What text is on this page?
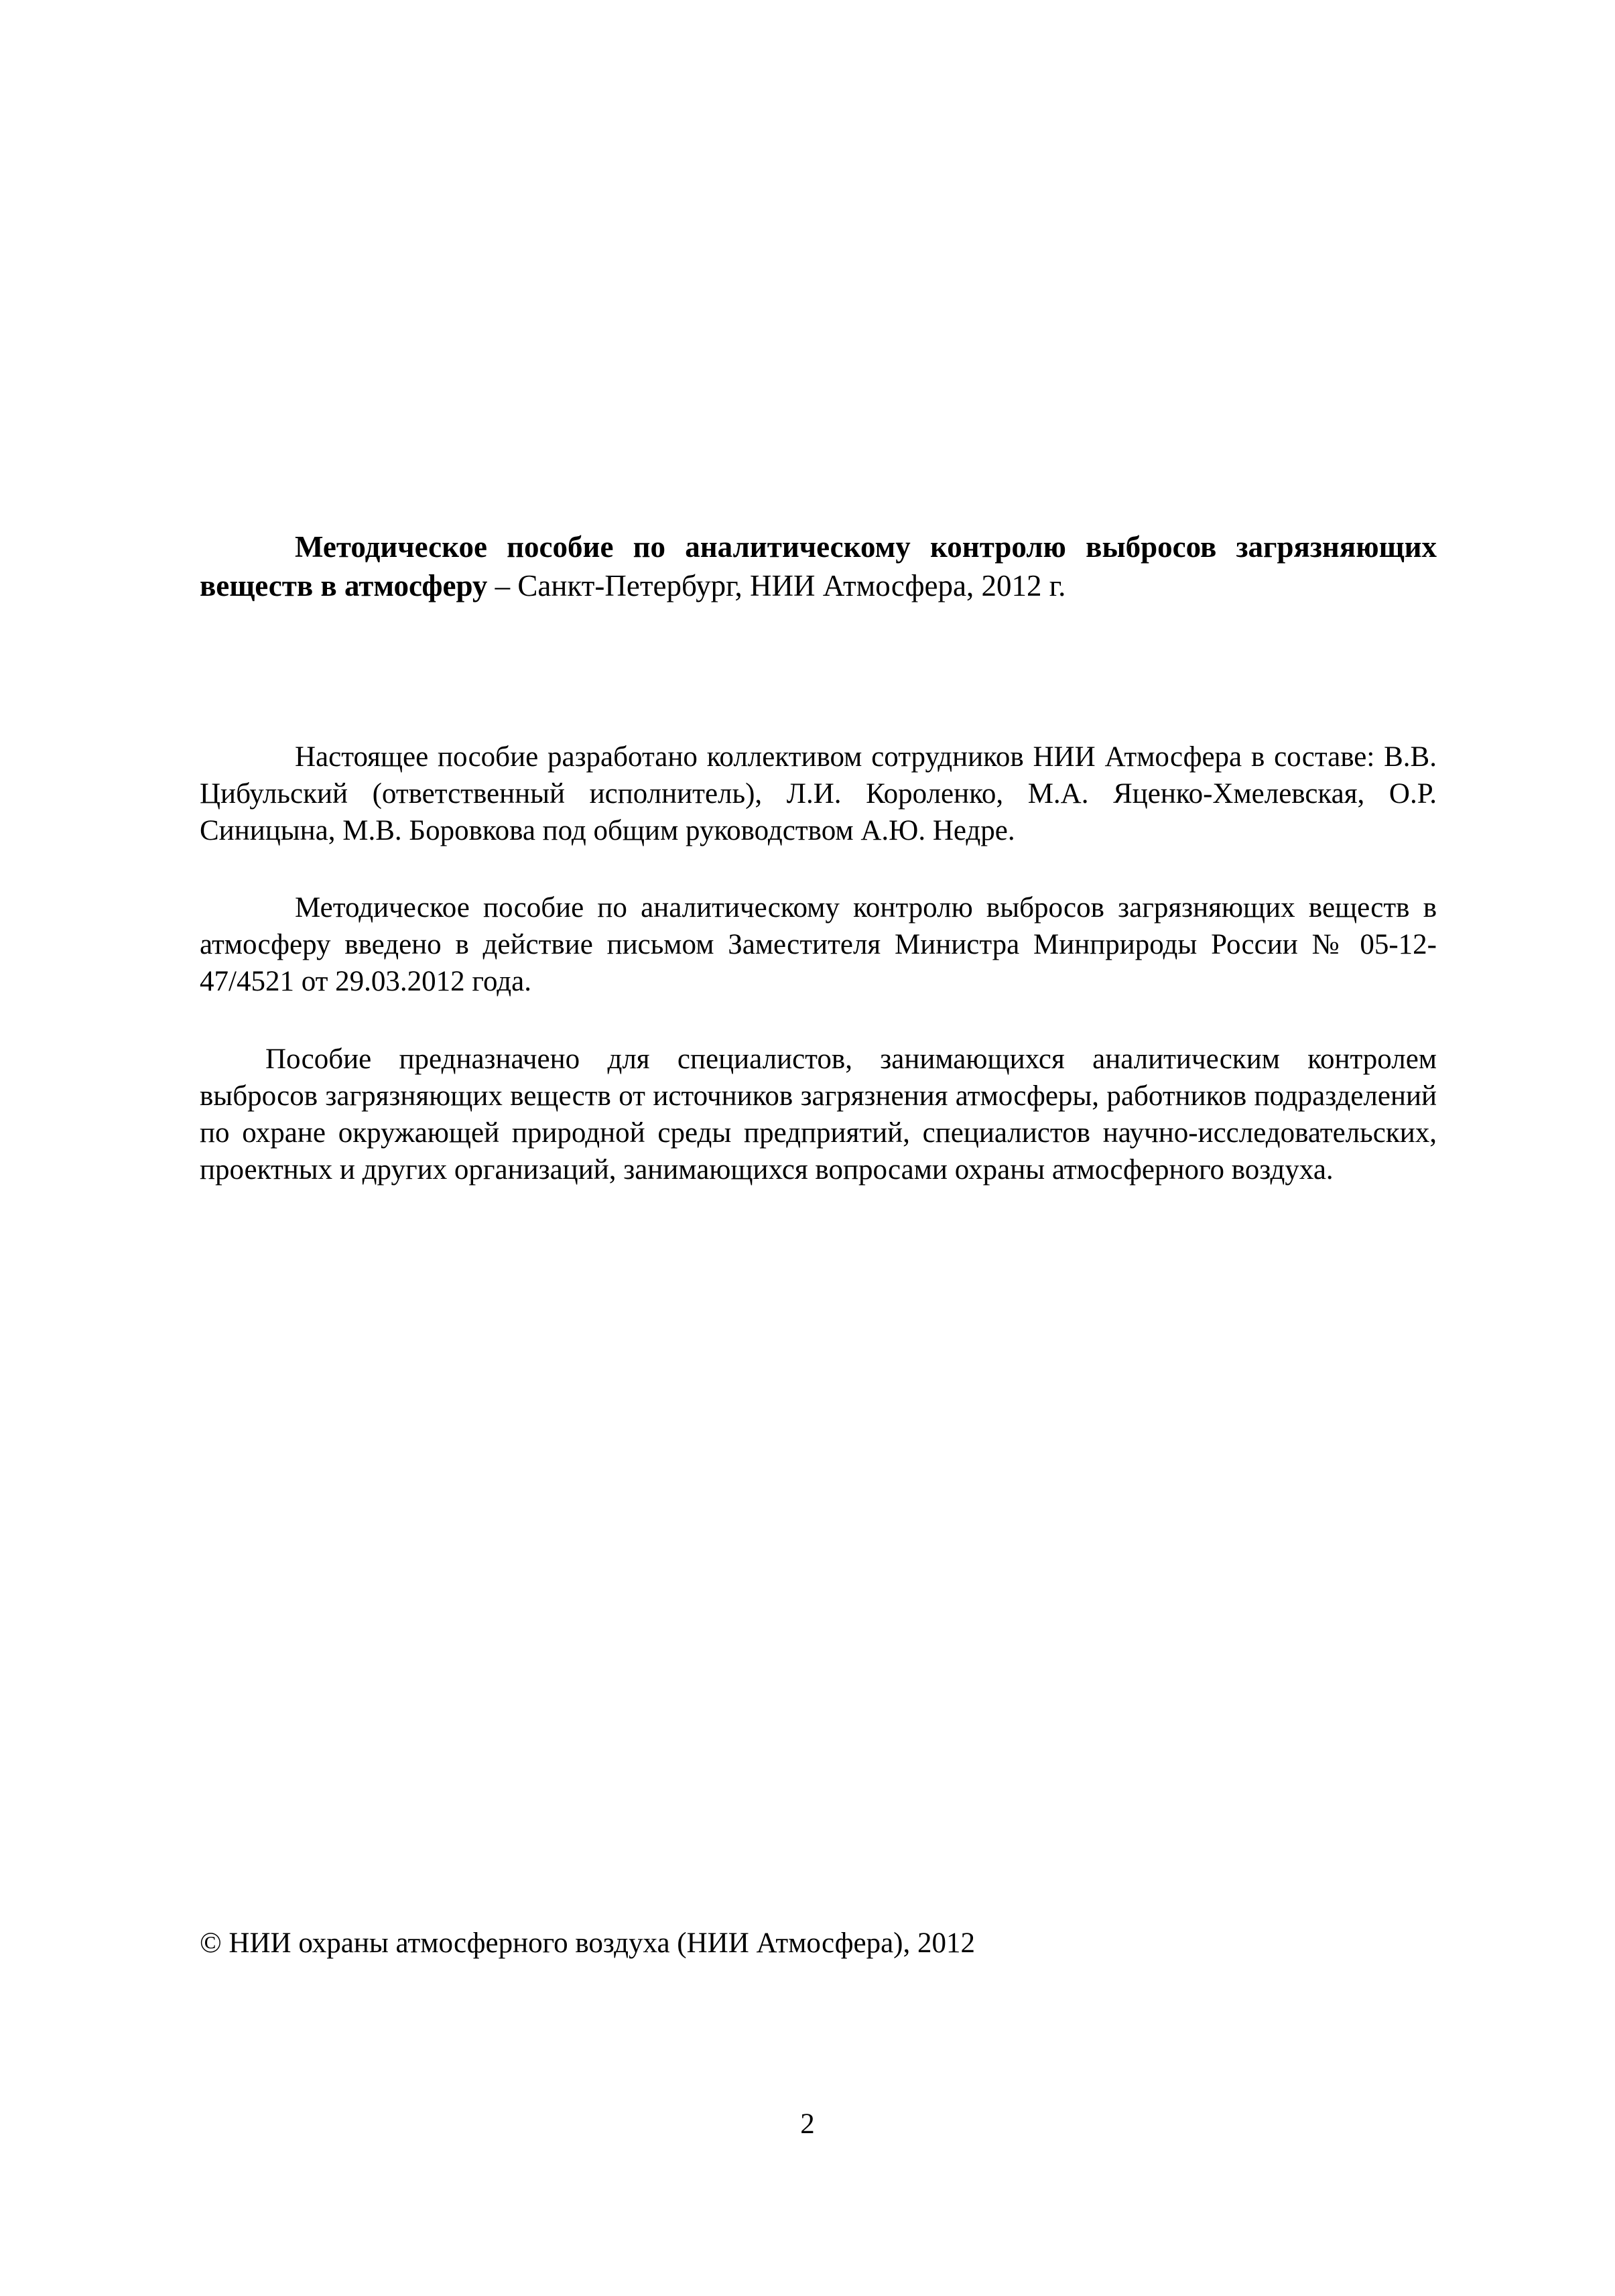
Методическое пособие по аналитическому контролю выбросов загрязняющих веществ в атмосферу – Санкт-Петербург, НИИ Атмосфера, 2012 г.

Настоящее пособие разработано коллективом сотрудников НИИ Атмосфера в составе: В.В. Цибульский (ответственный исполнитель), Л.И. Короленко, М.А. Яценко-Хмелевская, О.Р. Синицына, М.В. Боровкова под общим руководством А.Ю. Недре.

Методическое пособие по аналитическому контролю выбросов загрязняющих веществ в атмосферу введено в действие письмом Заместителя Министра Минприроды России № 05-12-47/4521 от 29.03.2012 года.

Пособие предназначено для специалистов, занимающихся аналитическим контролем выбросов загрязняющих веществ от источников загрязнения атмосферы, работников подразделений по охране окружающей природной среды предприятий, специалистов научно-исследовательских, проектных и других организаций, занимающихся вопросами охраны атмосферного воздуха.

© НИИ охраны атмосферного воздуха (НИИ Атмосфера), 2012
2
